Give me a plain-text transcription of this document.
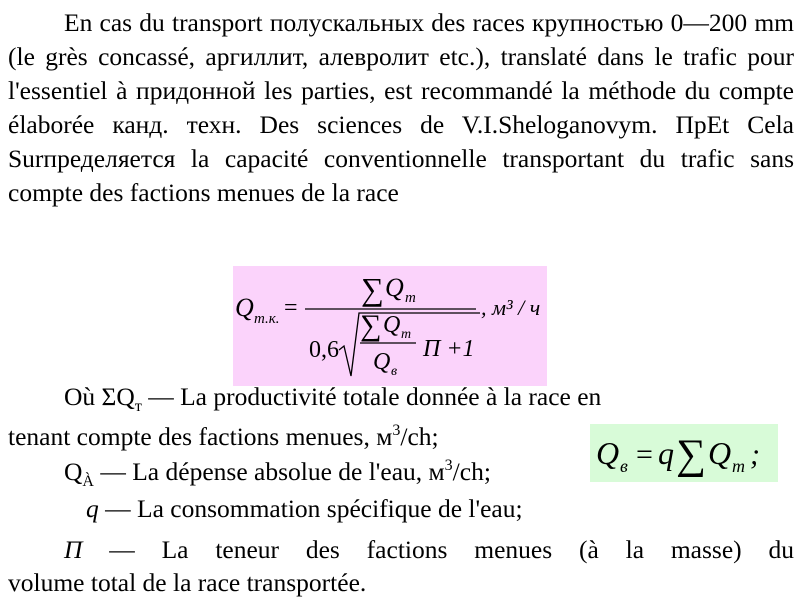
En cas du transport полускальных des races крупностью 0—200 mm (le grès concassé, аргиллит, алевролит etc.), translaté dans le trafic pour l'essentiel à придонной les parties, est recommandé la méthode du compte élaborée канд. техн. Des sciences de V.I.Sheloganovym. ПрEt Cela Surпределяется la capacité conventionnelle transportant du trafic sans compte des factions menues de la race

Q т.к. =
∑ Q т
0,6
∑ Q т
Q в
П +1
, м³ / ч
Où $\Sigma Q_т$ — La productivité totale donnée à la race en
tenant compte des factions menues, $м^3/ch$;	Q в = q ∑ Q т ;
$Q_À$ — La dépense absolue de l'eau, $м^3/ch$;
q — La consommation spécifique de l'eau;
П — La teneur des factions menues (à la masse) du
volume total de la race transportée.
